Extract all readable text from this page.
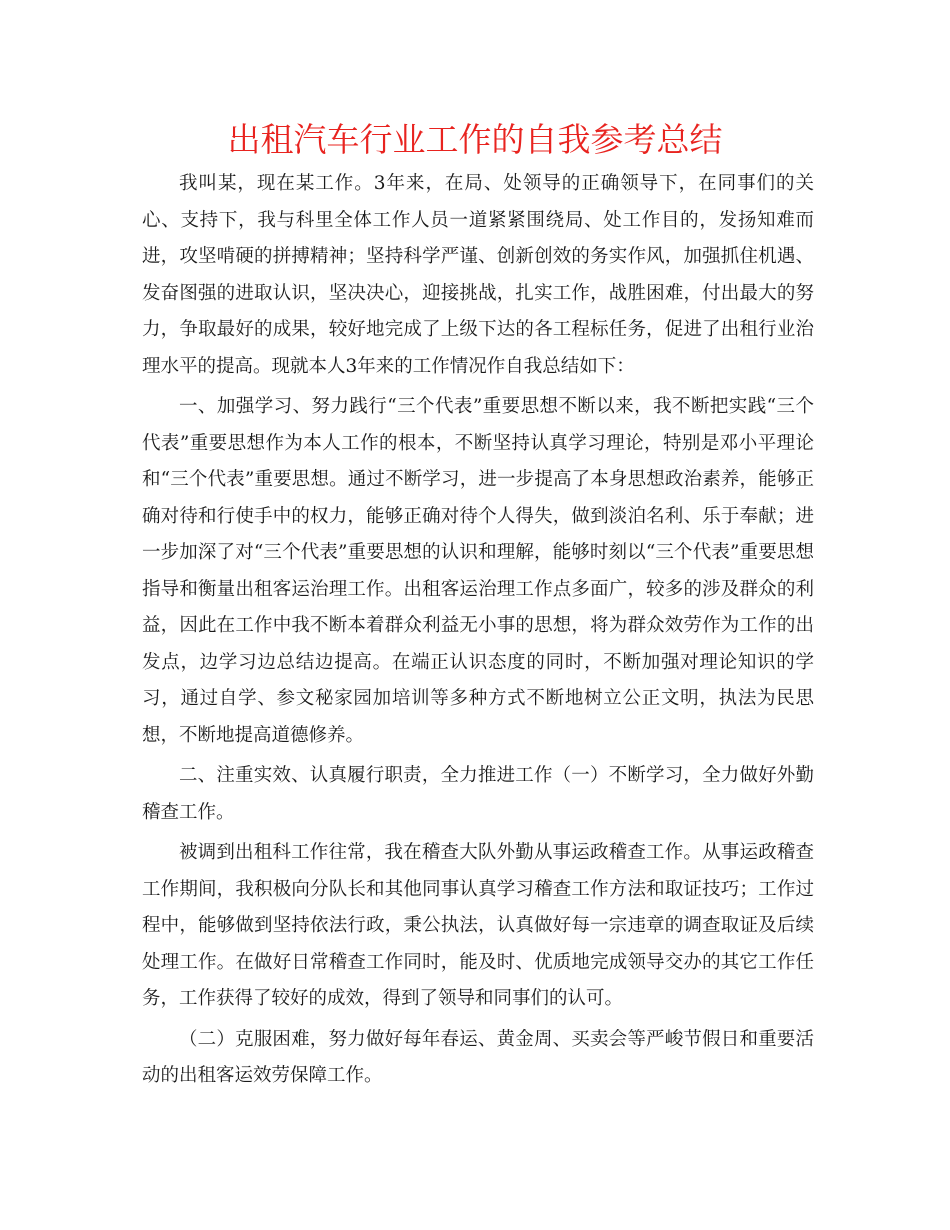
出租汽车行业工作的自我参考总结

我叫某，现在某工作。3年来，在局、处领导的正确领导下，在同事们的关心、支持下，我与科里全体工作人员一道紧紧围绕局、处工作目的，发扬知难而进，攻坚啃硬的拼搏精神；坚持科学严谨、创新创效的务实作风，加强抓住机遇、发奋图强的进取认识，坚决决心，迎接挑战，扎实工作，战胜困难，付出最大的努力，争取最好的成果，较好地完成了上级下达的各工程标任务，促进了出租行业治理水平的提高。现就本人3年来的工作情况作自我总结如下：

一、加强学习、努力践行“三个代表”重要思想不断以来，我不断把实践“三个代表”重要思想作为本人工作的根本，不断坚持认真学习理论，特别是邓小平理论和“三个代表”重要思想。通过不断学习，进一步提高了本身思想政治素养，能够正确对待和行使手中的权力，能够正确对待个人得失，做到淡泊名利、乐于奉献；进一步加深了对“三个代表”重要思想的认识和理解，能够时刻以“三个代表”重要思想指导和衡量出租客运治理工作。出租客运治理工作点多面广，较多的涉及群众的利益，因此在工作中我不断本着群众利益无小事的思想，将为群众效劳作为工作的出发点，边学习边总结边提高。在端正认识态度的同时，不断加强对理论知识的学习，通过自学、参文秘家园加培训等多种方式不断地树立公正文明，执法为民思想，不断地提高道德修养。

二、注重实效、认真履行职责，全力推进工作（一）不断学习，全力做好外勤稽查工作。

被调到出租科工作往常，我在稽查大队外勤从事运政稽查工作。从事运政稽查工作期间，我积极向分队长和其他同事认真学习稽查工作方法和取证技巧；工作过程中，能够做到坚持依法行政，秉公执法，认真做好每一宗违章的调查取证及后续处理工作。在做好日常稽查工作同时，能及时、优质地完成领导交办的其它工作任务，工作获得了较好的成效，得到了领导和同事们的认可。

（二）克服困难，努力做好每年春运、黄金周、买卖会等严峻节假日和重要活动的出租客运效劳保障工作。
